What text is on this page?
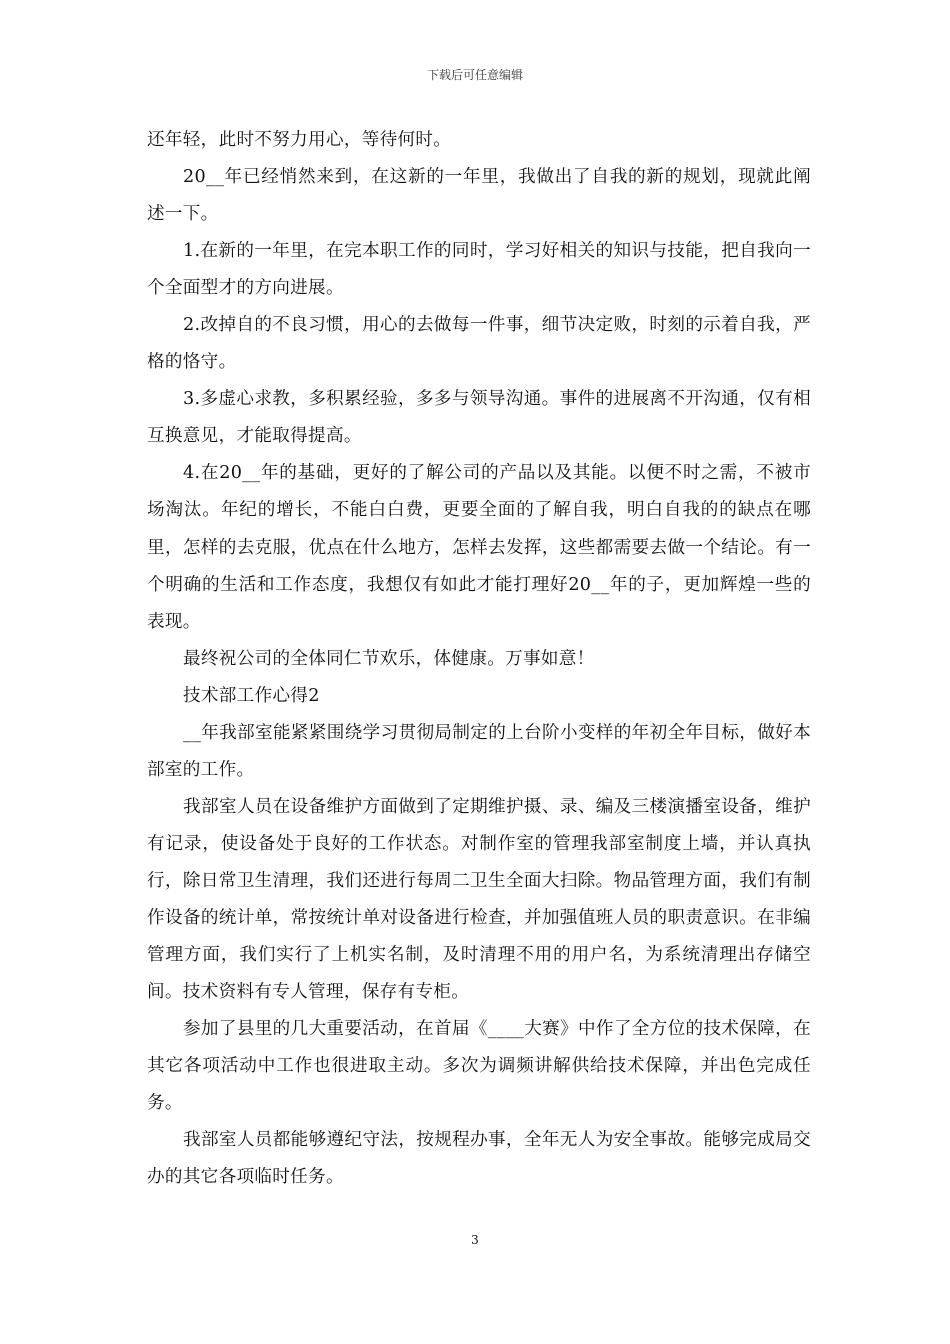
下载后可任意编辑

还年轻，此时不努力用心，等待何时。

20__年已经悄然来到，在这新的一年里，我做出了自我的新的规划，现就此阐述一下。

1.在新的一年里，在完本职工作的同时，学习好相关的知识与技能，把自我向一个全面型才的方向进展。

2.改掉自的不良习惯，用心的去做每一件事，细节决定败，时刻的示着自我，严格的恪守。

3.多虚心求教，多积累经验，多多与领导沟通。事件的进展离不开沟通，仅有相互换意见，才能取得提高。

4.在20__年的基础，更好的了解公司的产品以及其能。以便不时之需，不被市场淘汰。年纪的增长，不能白白费，更要全面的了解自我，明白自我的的缺点在哪里，怎样的去克服，优点在什么地方，怎样去发挥，这些都需要去做一个结论。有一个明确的生活和工作态度，我想仅有如此才能打理好20__年的子，更加辉煌一些的表现。

最终祝公司的全体同仁节欢乐，体健康。万事如意！

技术部工作心得2

__年我部室能紧紧围绕学习贯彻局制定的上台阶小变样的年初全年目标，做好本部室的工作。

我部室人员在设备维护方面做到了定期维护摄、录、编及三楼演播室设备，维护有记录，使设备处于良好的工作状态。对制作室的管理我部室制度上墙，并认真执行，除日常卫生清理，我们还进行每周二卫生全面大扫除。物品管理方面，我们有制作设备的统计单，常按统计单对设备进行检查，并加强值班人员的职责意识。在非编管理方面，我们实行了上机实名制，及时清理不用的用户名，为系统清理出存储空间。技术资料有专人管理，保存有专柜。

参加了县里的几大重要活动，在首届《____大赛》中作了全方位的技术保障，在其它各项活动中工作也很进取主动。多次为调频讲解供给技术保障，并出色完成任务。

我部室人员都能够遵纪守法，按规程办事，全年无人为安全事故。能够完成局交办的其它各项临时任务。

3
